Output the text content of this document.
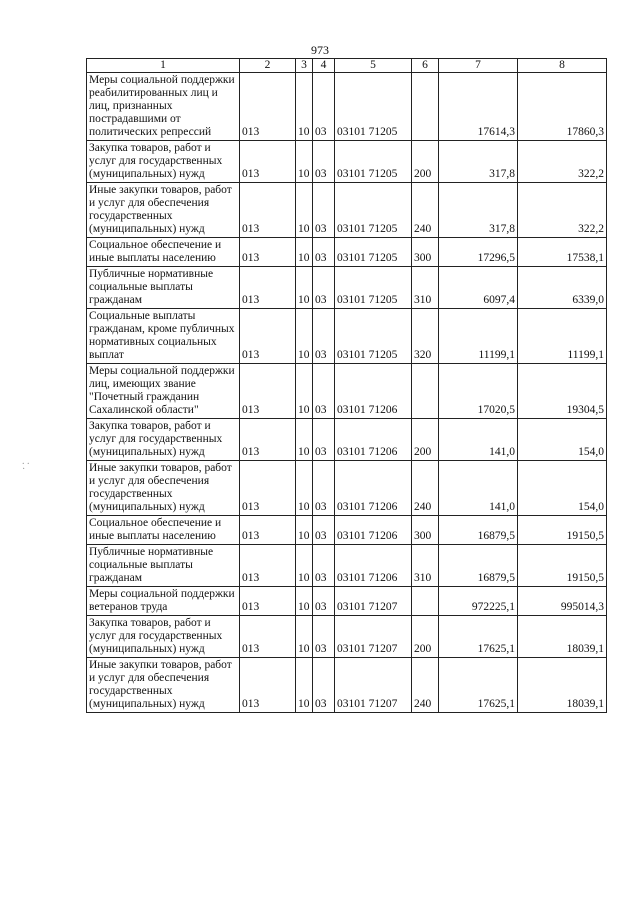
973
. .
·
1	2	3	4	5	6	7	8
Меры социальной поддержки реабилитированных лиц и лиц, признанных пострадавшими от политических репрессий	013	10	03	03101 71205		17614,3	17860,3
Закупка товаров, работ и услуг для государственных (муниципальных) нужд	013	10	03	03101 71205	200	317,8	322,2
Иные закупки товаров, работ и услуг для обеспечения государственных (муниципальных) нужд	013	10	03	03101 71205	240	317,8	322,2
Социальное обеспечение и иные выплаты населению	013	10	03	03101 71205	300	17296,5	17538,1
Публичные нормативные социальные выплаты гражданам	013	10	03	03101 71205	310	6097,4	6339,0
Социальные выплаты гражданам, кроме публичных нормативных социальных выплат	013	10	03	03101 71205	320	11199,1	11199,1
Меры социальной поддержки лиц, имеющих звание "Почетный гражданин Сахалинской области"	013	10	03	03101 71206		17020,5	19304,5
Закупка товаров, работ и услуг для государственных (муниципальных) нужд	013	10	03	03101 71206	200	141,0	154,0
Иные закупки товаров, работ и услуг для обеспечения государственных (муниципальных) нужд	013	10	03	03101 71206	240	141,0	154,0
Социальное обеспечение и иные выплаты населению	013	10	03	03101 71206	300	16879,5	19150,5
Публичные нормативные социальные выплаты гражданам	013	10	03	03101 71206	310	16879,5	19150,5
Меры социальной поддержки ветеранов труда	013	10	03	03101 71207		972225,1	995014,3
Закупка товаров, работ и услуг для государственных (муниципальных) нужд	013	10	03	03101 71207	200	17625,1	18039,1
Иные закупки товаров, работ и услуг для обеспечения государственных (муниципальных) нужд	013	10	03	03101 71207	240	17625,1	18039,1
